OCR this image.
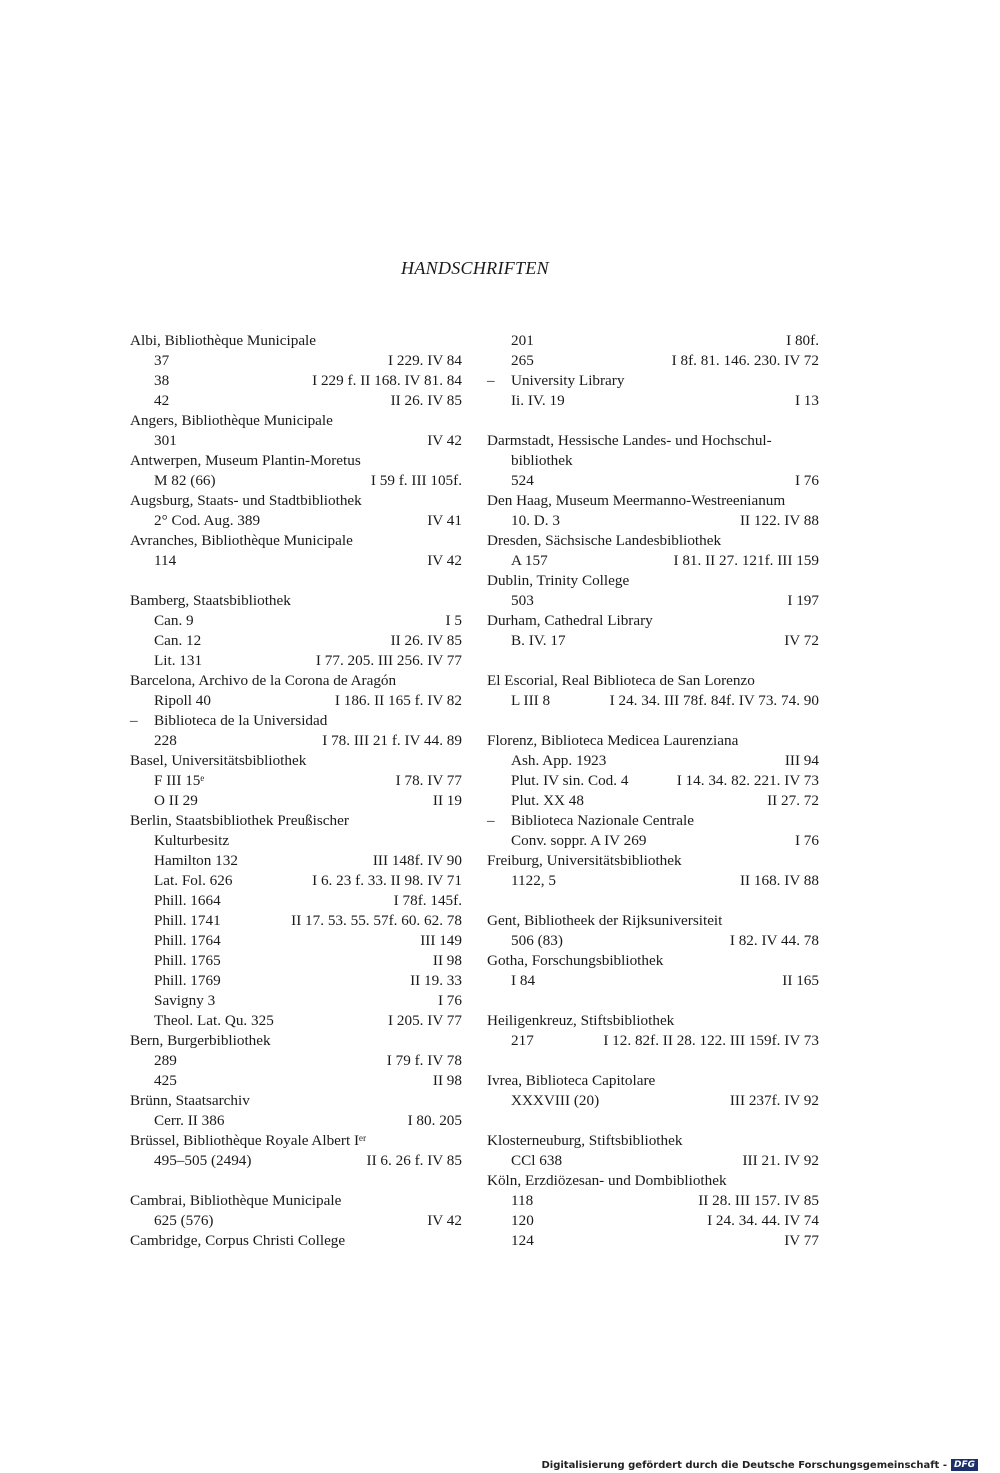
HANDSCHRIFTEN
Albi, Bibliothèque Municipale
37	I 229. IV 84
38	I 229 f. II 168. IV 81. 84
42	II 26. IV 85
Angers, Bibliothèque Municipale
301	IV 42
Antwerpen, Museum Plantin-Moretus
M 82 (66)	I 59 f. III 105f.
Augsburg, Staats- und Stadtbibliothek
2° Cod. Aug. 389	IV 41
Avranches, Bibliothèque Municipale
114	IV 42
Bamberg, Staatsbibliothek
Can. 9	I 5
Can. 12	II 26. IV 85
Lit. 131	I 77. 205. III 256. IV 77
Barcelona, Archivo de la Corona de Aragón
Ripoll 40	I 186. II 165 f. IV 82
– Biblioteca de la Universidad
228	I 78. III 21 f. IV 44. 89
Basel, Universitätsbibliothek
F III 15ᵉ	I 78. IV 77
O II 29	II 19
Berlin, Staatsbibliothek Preußischer
Kulturbesitz
Hamilton 132	III 148f. IV 90
Lat. Fol. 626	I 6. 23 f. 33. II 98. IV 71
Phill. 1664	I 78f. 145f.
Phill. 1741	II 17. 53. 55. 57f. 60. 62. 78
Phill. 1764	III 149
Phill. 1765	II 98
Phill. 1769	II 19. 33
Savigny 3	I 76
Theol. Lat. Qu. 325	I 205. IV 77
Bern, Burgerbibliothek
289	I 79 f. IV 78
425	II 98
Brünn, Staatsarchiv
Cerr. II 386	I 80. 205
Brüssel, Bibliothèque Royale Albert Iᵉʳ
495–505 (2494)	II 6. 26 f. IV 85
Cambrai, Bibliothèque Municipale
625 (576)	IV 42
Cambridge, Corpus Christi College
201	I 80f.
265	I 8f. 81. 146. 230. IV 72
– University Library
Ii. IV. 19	I 13
Darmstadt, Hessische Landes- und Hochschul-
bibliothek
524	I 76
Den Haag, Museum Meermanno-Westreenianum
10. D. 3	II 122. IV 88
Dresden, Sächsische Landesbibliothek
A 157	I 81. II 27. 121f. III 159
Dublin, Trinity College
503	I 197
Durham, Cathedral Library
B. IV. 17	IV 72
El Escorial, Real Biblioteca de San Lorenzo
L III 8	I 24. 34. III 78f. 84f. IV 73. 74. 90
Florenz, Biblioteca Medicea Laurenziana
Ash. App. 1923	III 94
Plut. IV sin. Cod. 4	I 14. 34. 82. 221. IV 73
Plut. XX 48	II 27. 72
– Biblioteca Nazionale Centrale
Conv. soppr. A IV 269	I 76
Freiburg, Universitätsbibliothek
1122, 5	II 168. IV 88
Gent, Bibliotheek der Rijksuniversiteit
506 (83)	I 82. IV 44. 78
Gotha, Forschungsbibliothek
I 84	II 165
Heiligenkreuz, Stiftsbibliothek
217	I 12. 82f. II 28. 122. III 159f. IV 73
Ivrea, Biblioteca Capitolare
XXXVIII (20)	III 237f. IV 92
Klosterneuburg, Stiftsbibliothek
CCl 638	III 21. IV 92
Köln, Erzdiözesan- und Dombibliothek
118	II 28. III 157. IV 85
120	I 24. 34. 44. IV 74
124	IV 77
Digitalisierung gefördert durch die Deutsche Forschungsgemeinschaft - DFG
